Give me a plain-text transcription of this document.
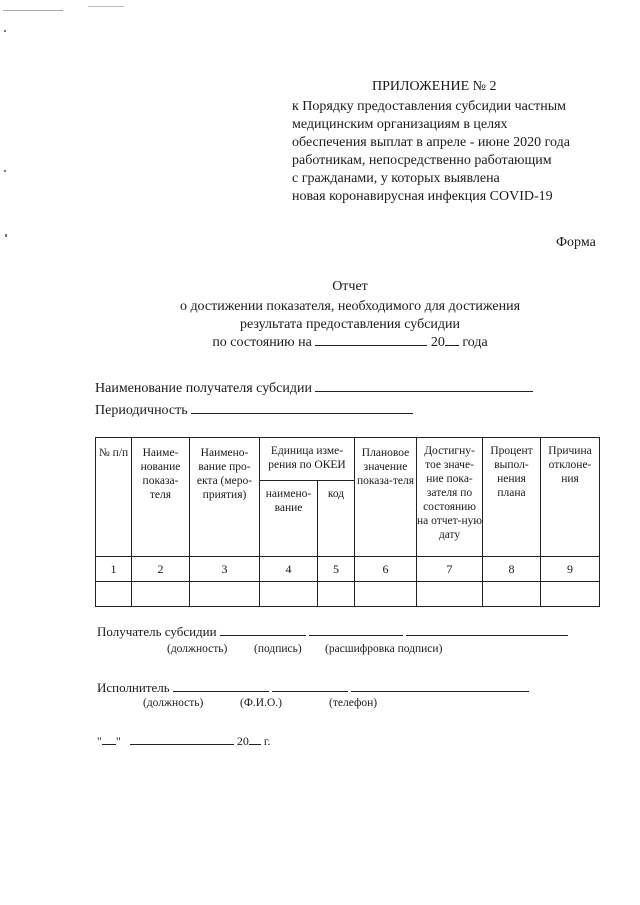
ПРИЛОЖЕНИЕ № 2
к Порядку предоставления субсидии частным
медицинским организациям в целях
обеспечения выплат в апреле - июне 2020 года
работникам, непосредственно работающим
с гражданами, у которых выявлена
новая коронавирусная инфекция COVID-19
Форма
Отчет
о достижении показателя, необходимого для достижения
результата предоставления субсидии
по состоянию на	20 года
Наименование получателя субсидии
Периодичность
№ п/п	Наиме-нование показа-теля	Наимено-вание про-екта (меро-приятия)	Единица изме-рения по ОКЕИ		Плановое значение показа-теля	Достигну-тое значе-ние пока-зателя по состоянию на отчет-ную дату	Процент выпол-нения плана	Причина отклоне-ния
			наимено-вание	код				
1	2	3	4	5	6	7	8	9

Получатель субсидии
(должность) (подпись) (расшифровка подписи)
Исполнитель
(должность)	(Ф.И.О.)	(телефон)
" "	20 г.
